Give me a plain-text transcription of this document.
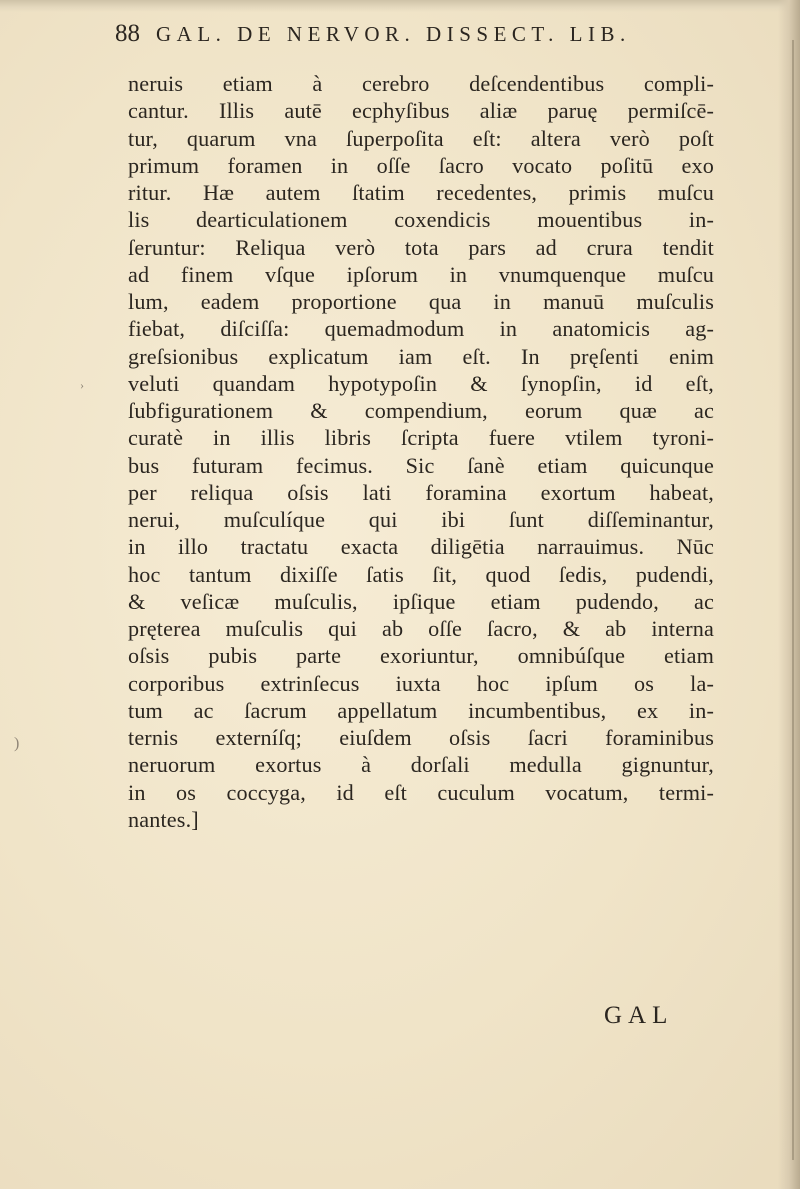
88 GAL. DE NERVOR. DISSECT. LIB.
neruis etiam à cerebro deſcendentibus compli-
cantur. Illis autē ecphyſibus aliæ paruę permiſcē-
tur, quarum vna ſuperpoſita eſt: altera verò poſt
primum foramen in oſſe ſacro vocato poſitū exo
ritur. Hæ autem ſtatim recedentes, primis muſcu
lis dearticulationem coxendicis mouentibus in-
ſeruntur: Reliqua verò tota pars ad crura tendit
ad finem vſque ipſorum in vnumquenque muſcu
lum, eadem proportione qua in manuū muſculis
fiebat, diſciſſa: quemadmodum in anatomicis ag-
greſsionibus explicatum iam eſt. In pręſenti enim
veluti quandam hypotypoſin & ſynopſin, id eſt,
ſubfigurationem & compendium, eorum quæ ac
curatè in illis libris ſcripta fuere vtilem tyroni-
bus futuram fecimus. Sic ſanè etiam quicunque
per reliqua oſsis lati foramina exortum habeat,
nerui, muſculíque qui ibi ſunt diſſeminantur,
in illo tractatu exacta diligētia narrauimus. Nūc
hoc tantum dixiſſe ſatis ſit, quod ſedis, pudendi,
& veſicæ muſculis, ipſique etiam pudendo, ac
pręterea muſculis qui ab oſſe ſacro, & ab interna
oſsis pubis parte exoriuntur, omnibúſque etiam
corporibus extrinſecus iuxta hoc ipſum os la-
tum ac ſacrum appellatum incumbentibus, ex in-
ternis externíſq; eiuſdem oſsis ſacri foraminibus
neruorum exortus à dorſali medulla gignuntur,
in os coccyga, id eſt cuculum vocatum, termi-
nantes.]
GAL
)
›
